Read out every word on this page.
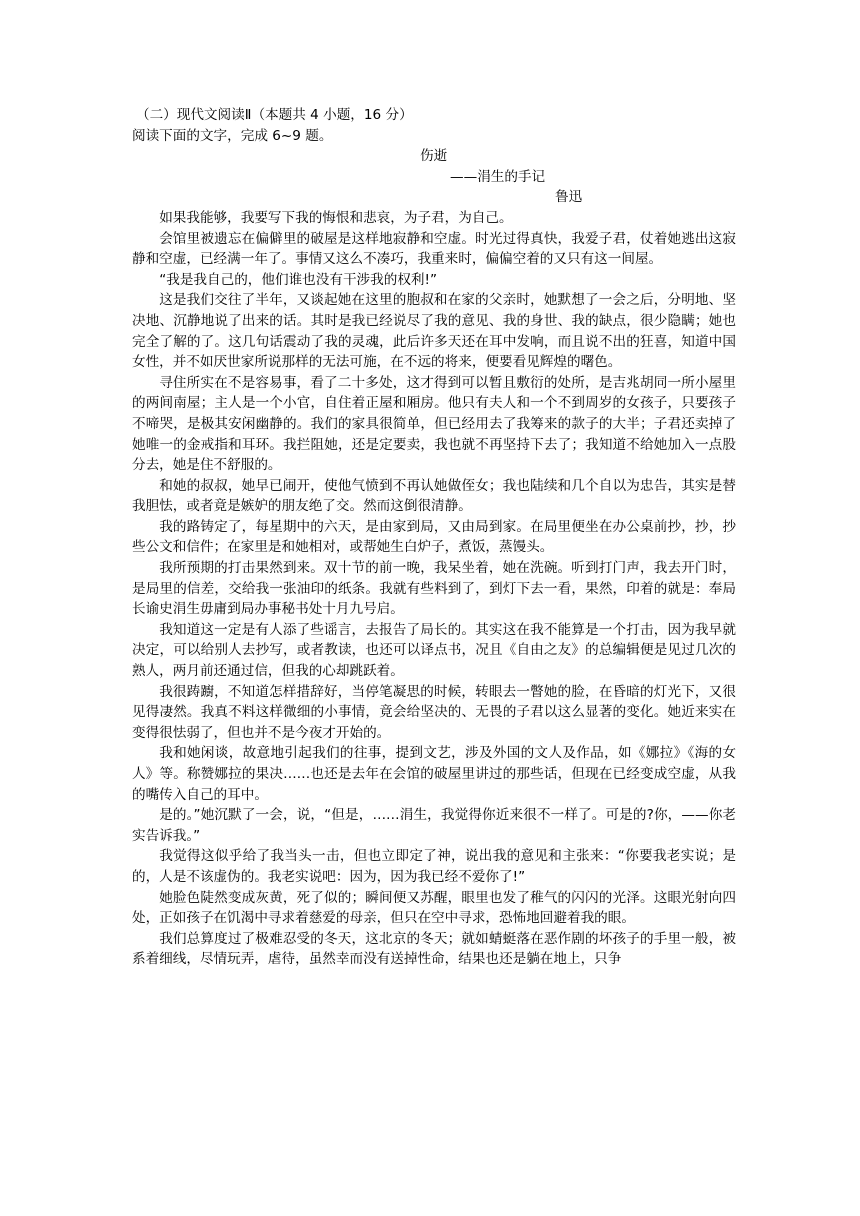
（二）现代文阅读Ⅱ（本题共 4 小题，16 分）
阅读下面的文字，完成 6~9 题。
伤逝
——涓生的手记
鲁迅

如果我能够，我要写下我的悔恨和悲哀，为子君，为自己。

会馆里被遗忘在偏僻里的破屋是这样地寂静和空虚。时光过得真快，我爱子君，仗着她逃出这寂静和空虚，已经满一年了。事情又这么不凑巧，我重来时，偏偏空着的又只有这一间屋。

“我是我自己的，他们谁也没有干涉我的权利!”

这是我们交往了半年，又谈起她在这里的胞叔和在家的父亲时，她默想了一会之后，分明地、坚决地、沉静地说了出来的话。其时是我已经说尽了我的意见、我的身世、我的缺点，很少隐瞒；她也完全了解的了。这几句话震动了我的灵魂，此后许多天还在耳中发响，而且说不出的狂喜，知道中国女性，并不如厌世家所说那样的无法可施，在不远的将来，便要看见辉煌的曙色。

寻住所实在不是容易事，看了二十多处，这才得到可以暂且敷衍的处所，是吉兆胡同一所小屋里的两间南屋；主人是一个小官，自住着正屋和厢房。他只有夫人和一个不到周岁的女孩子，只要孩子不啼哭，是极其安闲幽静的。我们的家具很简单，但已经用去了我筹来的款子的大半；子君还卖掉了她唯一的金戒指和耳环。我拦阻她，还是定要卖，我也就不再坚持下去了；我知道不给她加入一点股分去，她是住不舒服的。

和她的叔叔，她早已闹开，使他气愤到不再认她做侄女；我也陆续和几个自以为忠告，其实是替我胆怯，或者竟是嫉妒的朋友绝了交。然而这倒很清静。

我的路铸定了，每星期中的六天，是由家到局，又由局到家。在局里便坐在办公桌前抄，抄，抄些公文和信件；在家里是和她相对，或帮她生白炉子，煮饭，蒸馒头。

我所预期的打击果然到来。双十节的前一晚，我呆坐着，她在洗碗。听到打门声，我去开门时，是局里的信差，交给我一张油印的纸条。我就有些料到了，到灯下去一看，果然，印着的就是：奉局长谕史涓生毋庸到局办事秘书处十月九号启。

我知道这一定是有人添了些谣言，去报告了局长的。其实这在我不能算是一个打击，因为我早就决定，可以给别人去抄写，或者教读，也还可以译点书，况且《自由之友》的总编辑便是见过几次的熟人，两月前还通过信，但我的心却跳跃着。

我很踌躕，不知道怎样措辞好，当停笔凝思的时候，转眼去一瞥她的脸，在昏暗的灯光下，又很见得凄然。我真不料这样微细的小事情，竟会给坚决的、无畏的子君以这么显著的变化。她近来实在变得很怯弱了，但也并不是今夜才开始的。

我和她闲谈，故意地引起我们的往事，提到文艺，涉及外国的文人及作品，如《娜拉》《海的女人》等。称赞娜拉的果决……也还是去年在会馆的破屋里讲过的那些话，但现在已经变成空虚，从我的嘴传入自己的耳中。

是的。”她沉默了一会，说，“但是，……涓生，我觉得你近来很不一样了。可是的?你，——你老实告诉我。”

我觉得这似乎给了我当头一击，但也立即定了神，说出我的意见和主张来：“你要我老实说；是的，人是不该虚伪的。我老实说吧：因为，因为我已经不爱你了!”

她脸色陡然变成灰黄，死了似的；瞬间便又苏醒，眼里也发了稚气的闪闪的光泽。这眼光射向四处，正如孩子在饥渴中寻求着慈爱的母亲，但只在空中寻求，恐怖地回避着我的眼。

我们总算度过了极难忍受的冬天，这北京的冬天；就如蜻蜓落在恶作剧的坏孩子的手里一般，被系着细线，尽情玩弄，虐待，虽然幸而没有送掉性命，结果也还是躺在地上，只争
